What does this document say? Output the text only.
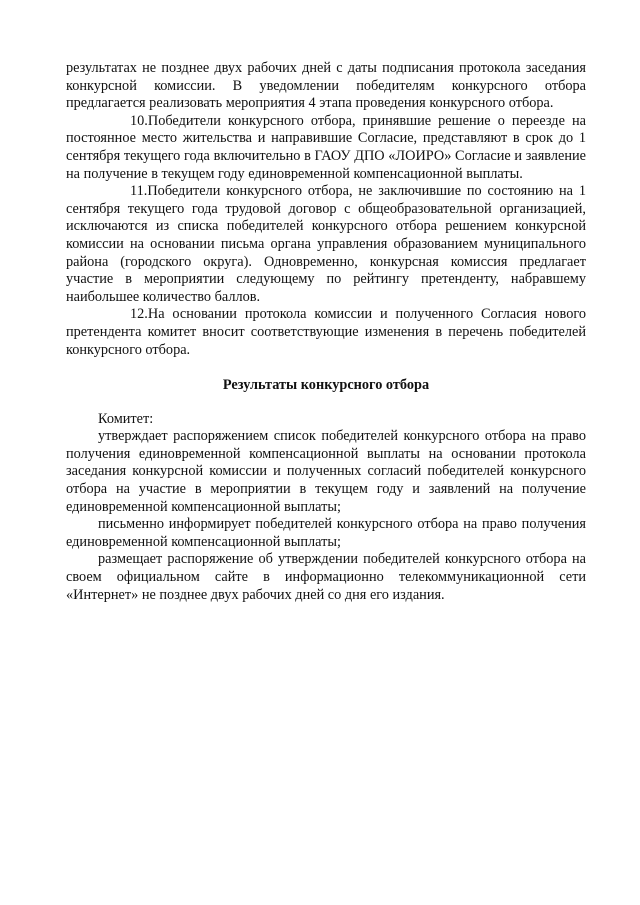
результатах не позднее двух рабочих дней с даты подписания протокола заседания конкурсной комиссии. В уведомлении победителям конкурсного отбора предлагается реализовать мероприятия 4 этапа проведения конкурсного отбора.

10.Победители конкурсного отбора, принявшие решение о переезде на постоянное место жительства и направившие Согласие, представляют в срок до 1 сентября текущего года включительно в ГАОУ ДПО «ЛОИРО» Согласие и заявление на получение в текущем году единовременной компенсационной выплаты.

11.Победители конкурсного отбора, не заключившие по состоянию на 1 сентября текущего года трудовой договор с общеобразовательной организацией, исключаются из списка победителей конкурсного отбора решением конкурсной комиссии на основании письма органа управления образованием муниципального района (городского округа). Одновременно, конкурсная комиссия предлагает участие в мероприятии следующему по рейтингу претенденту, набравшему наибольшее количество баллов.

12.На основании протокола комиссии и полученного Согласия нового претендента комитет вносит соответствующие изменения в перечень победителей конкурсного отбора.

Результаты конкурсного отбора

Комитет:

утверждает распоряжением список победителей конкурсного отбора на право получения единовременной компенсационной выплаты на основании протокола заседания конкурсной комиссии и полученных согласий победителей конкурсного отбора на участие в мероприятии в текущем году и заявлений на получение единовременной компенсационной выплаты;

письменно информирует победителей конкурсного отбора на право получения единовременной компенсационной выплаты;

размещает распоряжение об утверждении победителей конкурсного отбора на своем официальном сайте в информационно телекоммуникационной сети «Интернет» не позднее двух рабочих дней со дня его издания.
